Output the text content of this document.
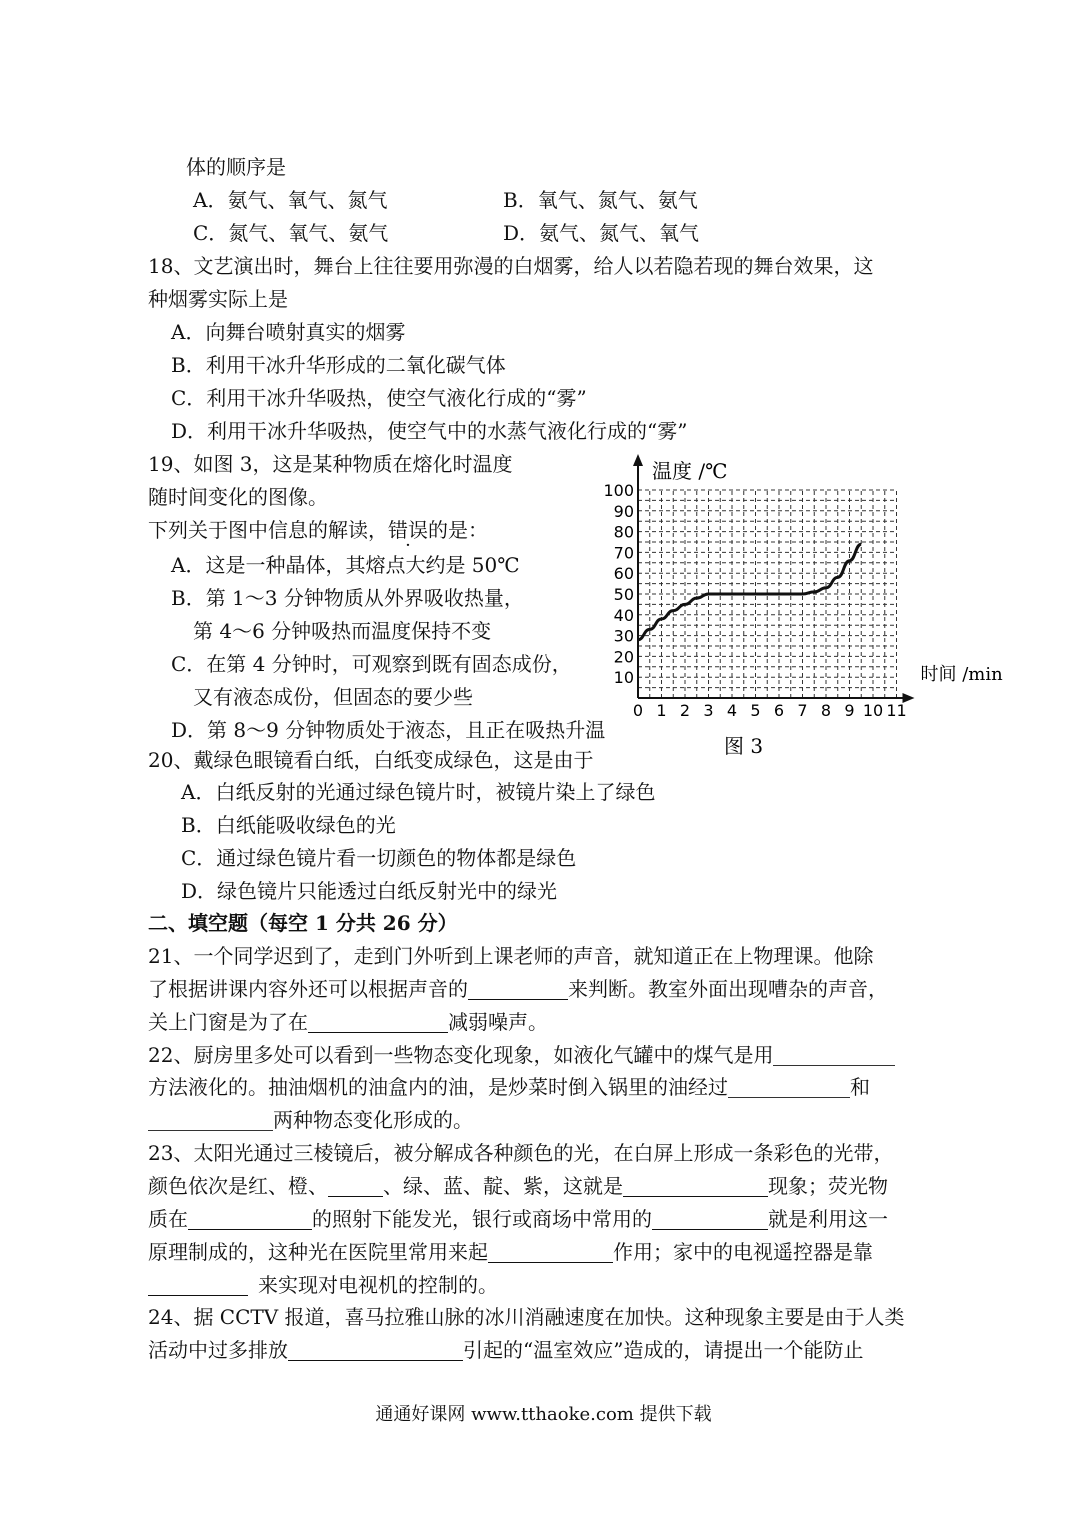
体的顺序是
A．氨气、氧气、氮气	B．氧气、氮气、氨气
C．氮气、氧气、氨气	D．氨气、氮气、氧气
18、文艺演出时，舞台上往往要用弥漫的白烟雾，给人以若隐若现的舞台效果，这
种烟雾实际上是
A．向舞台喷射真实的烟雾
B．利用干冰升华形成的二氧化碳气体
C．利用干冰升华吸热，使空气液化行成的“雾”
D．利用干冰升华吸热，使空气中的水蒸气液化行成的“雾”
19、如图 3，这是某种物质在熔化时温度
随时间变化的图像。
下列关于图中信息的解读，错误的是：
A．这是一种晶体，其熔点大约是 50℃
B．第 1～3 分钟物质从外界吸收热量，
第 4～6 分钟吸热而温度保持不变
C．在第 4 分钟时，可观察到既有固态成份，
又有液态成份，但固态的要少些
D．第 8～9 分钟物质处于液态，且正在吸热升温
0 1 2 3 4 5 6 7 8 9 10 11
10
20
30
40
50
60
70
80
90
100
温度 /℃
时间 /min
图 3
20、戴绿色眼镜看白纸，白纸变成绿色，这是由于
A．白纸反射的光通过绿色镜片时，被镜片染上了绿色
B．白纸能吸收绿色的光
C．通过绿色镜片看一切颜色的物体都是绿色
D．绿色镜片只能透过白纸反射光中的绿光
二、填空题（每空 1 分共 26 分）
21、一个同学迟到了，走到门外听到上课老师的声音，就知道正在上物理课。他除
了根据讲课内容外还可以根据声音的	来判断。教室外面出现嘈杂的声音，
关上门窗是为了在	减弱噪声。
22、厨房里多处可以看到一些物态变化现象，如液化气罐中的煤气是用
方法液化的。抽油烟机的油盒内的油，是炒菜时倒入锅里的油经过	和
两种物态变化形成的。
23、太阳光通过三棱镜后，被分解成各种颜色的光，在白屏上形成一条彩色的光带，
颜色依次是红、橙、	、绿、蓝、靛、紫，这就是	现象；荧光物
质在	的照射下能发光，银行或商场中常用的	就是利用这一
原理制成的，这种光在医院里常用来起	作用；家中的电视遥控器是靠
来实现对电视机的控制的。
24、据 CCTV 报道，喜马拉雅山脉的冰川消融速度在加快。这种现象主要是由于人类
活动中过多排放	引起的“温室效应”造成的，请提出一个能防止
通通好课网 www.tthaoke.com 提供下载
